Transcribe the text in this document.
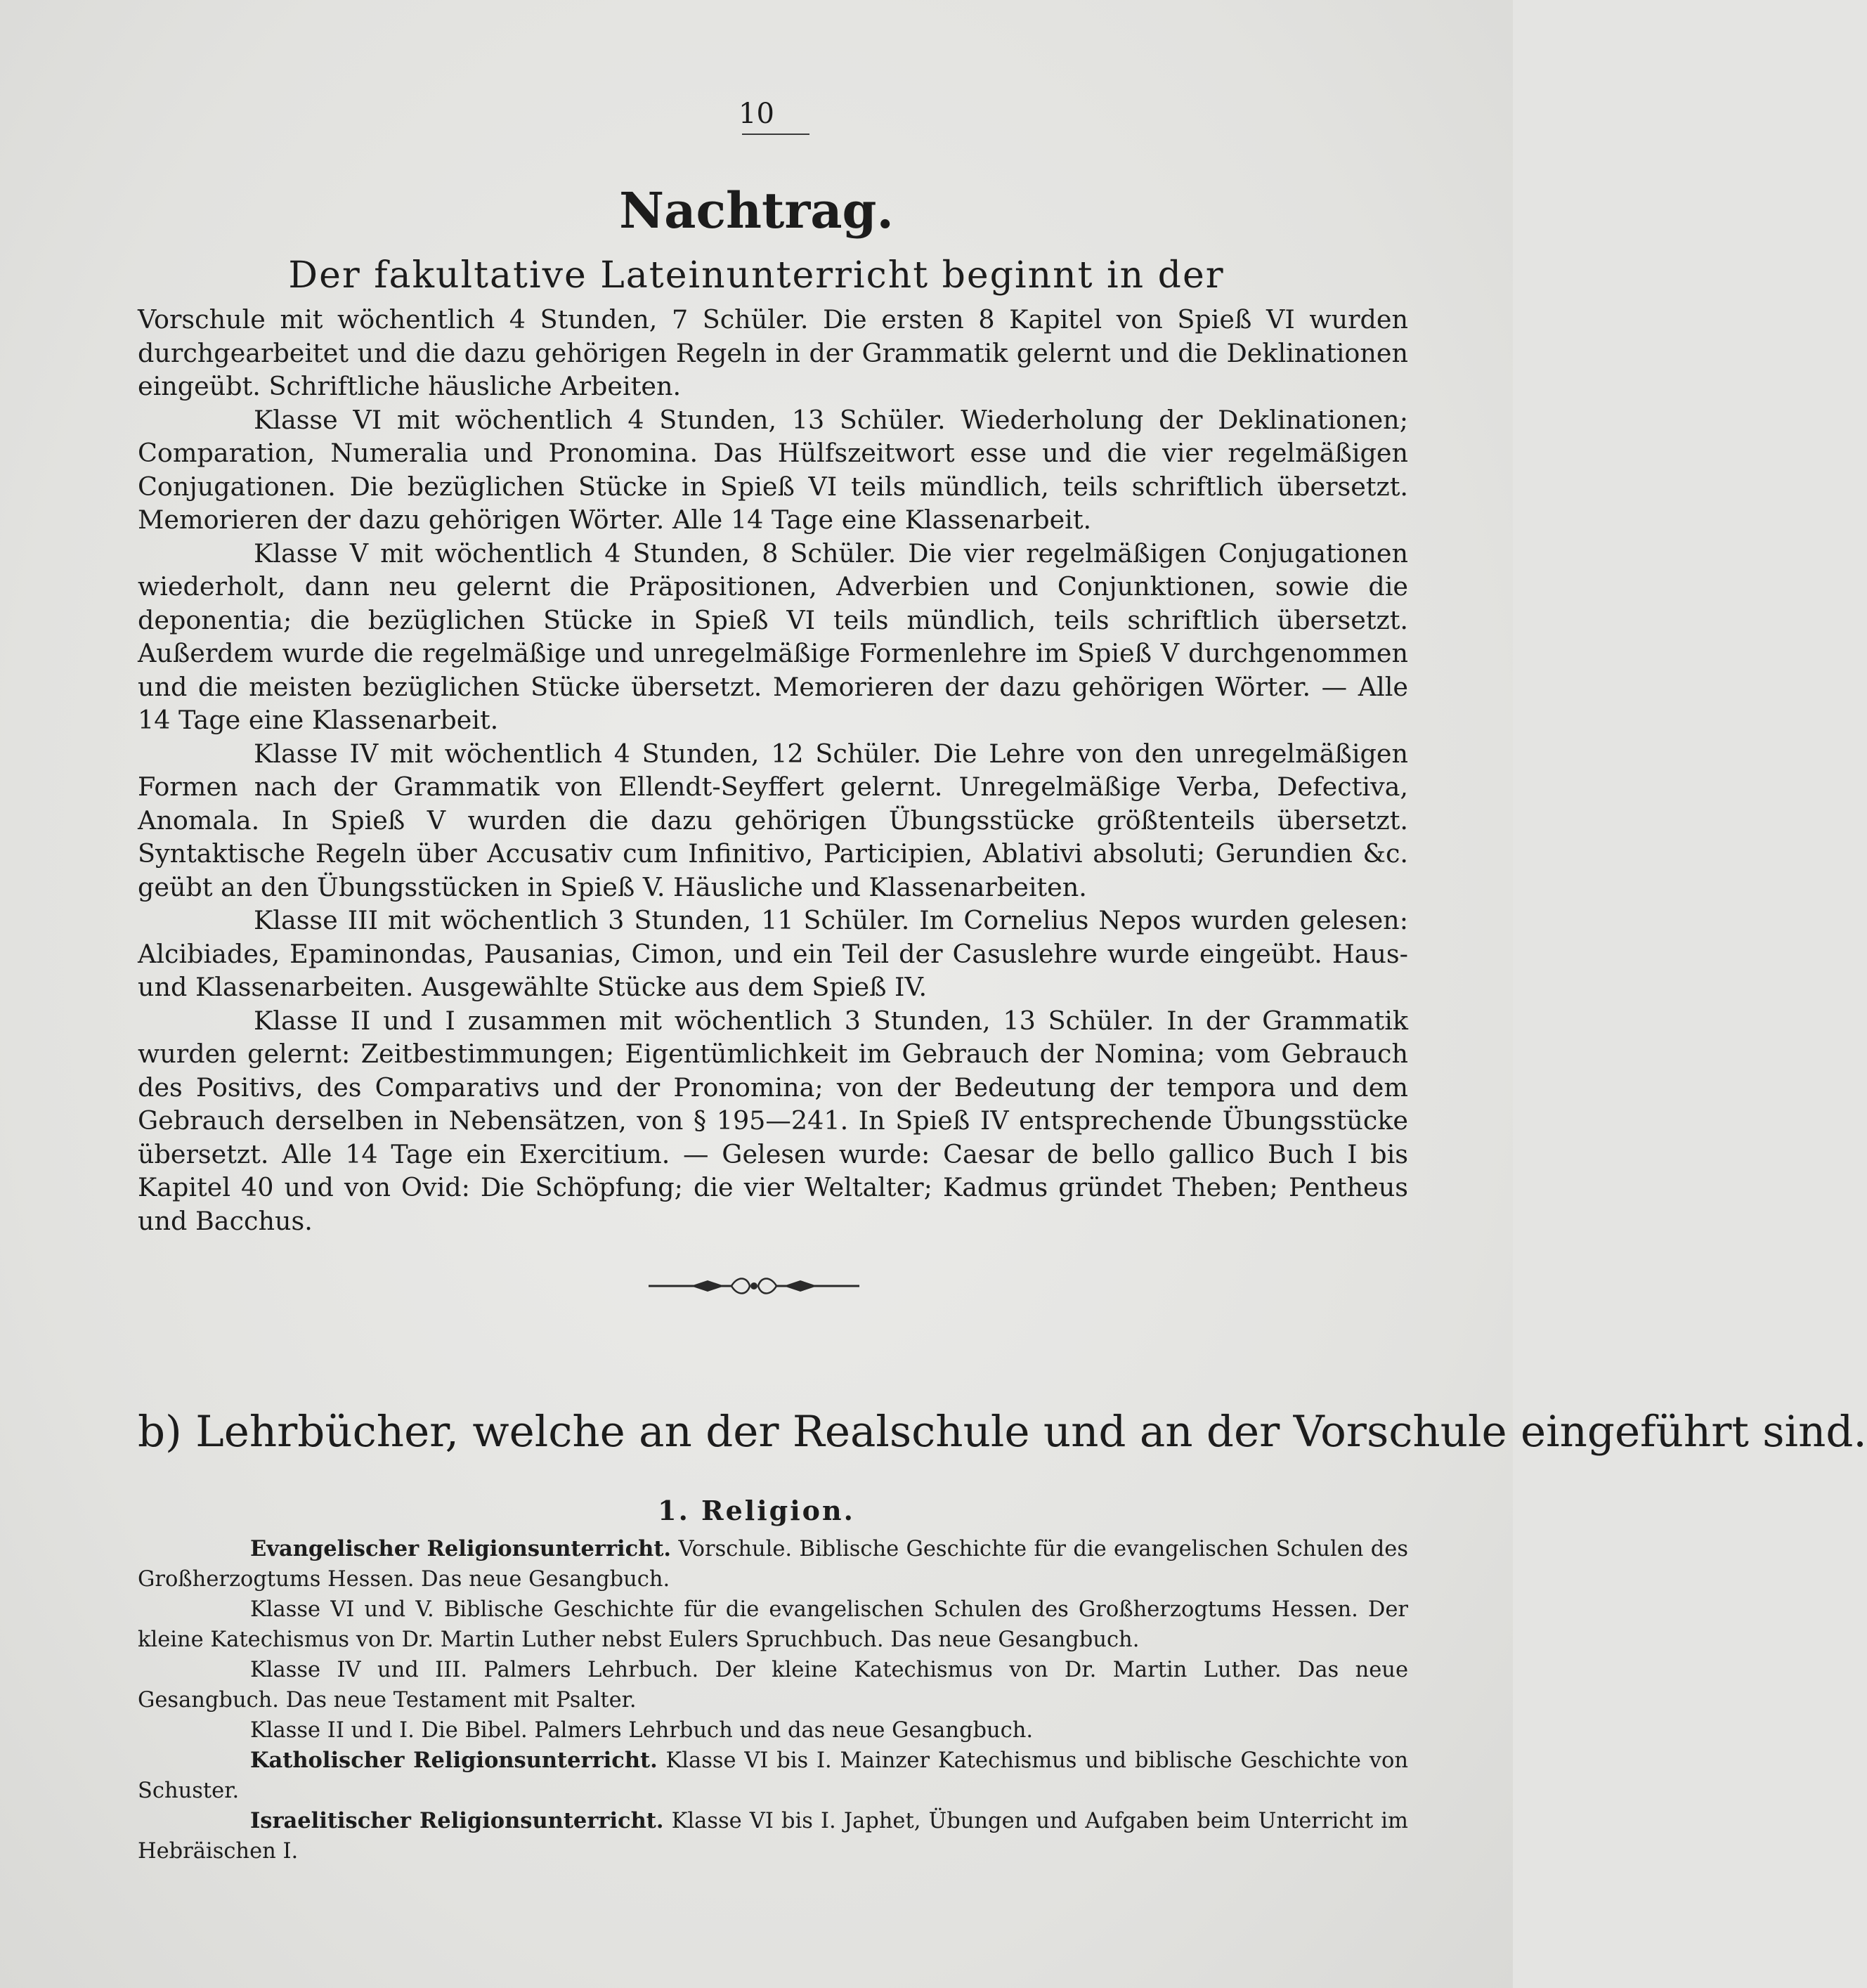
10
Nachtrag.
Der fakultative Lateinunterricht beginnt in der

Vorschule mit wöchentlich 4 Stunden, 7 Schüler. Die ersten 8 Kapitel von Spieß VI wurden durchgearbeitet und die dazu gehörigen Regeln in der Grammatik gelernt und die Deklinationen eingeübt. Schriftliche häusliche Arbeiten.

Klasse VI mit wöchentlich 4 Stunden, 13 Schüler. Wiederholung der Deklinationen; Comparation, Numeralia und Pronomina. Das Hülfszeitwort esse und die vier regelmäßigen Conjugationen. Die bezüglichen Stücke in Spieß VI teils mündlich, teils schriftlich übersetzt. Memorieren der dazu gehörigen Wörter. Alle 14 Tage eine Klassenarbeit.

Klasse V mit wöchentlich 4 Stunden, 8 Schüler. Die vier regelmäßigen Conjugationen wiederholt, dann neu gelernt die Präpositionen, Adverbien und Conjunktionen, sowie die deponentia; die bezüglichen Stücke in Spieß VI teils mündlich, teils schriftlich übersetzt. Außerdem wurde die regelmäßige und unregelmäßige Formenlehre im Spieß V durchgenommen und die meisten bezüglichen Stücke übersetzt. Memorieren der dazu gehörigen Wörter. — Alle 14 Tage eine Klassenarbeit.

Klasse IV mit wöchentlich 4 Stunden, 12 Schüler. Die Lehre von den unregelmäßigen Formen nach der Grammatik von Ellendt-Seyffert gelernt. Unregelmäßige Verba, Defectiva, Anomala. In Spieß V wurden die dazu gehörigen Übungsstücke größtenteils übersetzt. Syntaktische Regeln über Accusativ cum Infinitivo, Participien, Ablativi absoluti; Gerundien &c. geübt an den Übungsstücken in Spieß V. Häusliche und Klassenarbeiten.

Klasse III mit wöchentlich 3 Stunden, 11 Schüler. Im Cornelius Nepos wurden gelesen: Alcibiades, Epaminondas, Pausanias, Cimon, und ein Teil der Casuslehre wurde eingeübt. Haus- und Klassenarbeiten. Ausgewählte Stücke aus dem Spieß IV.

Klasse II und I zusammen mit wöchentlich 3 Stunden, 13 Schüler. In der Grammatik wurden gelernt: Zeitbestimmungen; Eigentümlichkeit im Gebrauch der Nomina; vom Gebrauch des Positivs, des Comparativs und der Pronomina; von der Bedeutung der tempora und dem Gebrauch derselben in Nebensätzen, von § 195—241. In Spieß IV entsprechende Übungsstücke übersetzt. Alle 14 Tage ein Exercitium. — Gelesen wurde: Caesar de bello gallico Buch I bis Kapitel 40 und von Ovid: Die Schöpfung; die vier Weltalter; Kadmus gründet Theben; Pentheus und Bacchus.

b) Lehrbücher, welche an der Realschule und an der Vorschule eingeführt sind.
1. Religion.

Evangelischer Religionsunterricht. Vorschule. Biblische Geschichte für die evangelischen Schulen des Großherzogtums Hessen. Das neue Gesangbuch.

Klasse VI und V. Biblische Geschichte für die evangelischen Schulen des Großherzogtums Hessen. Der kleine Katechismus von Dr. Martin Luther nebst Eulers Spruchbuch. Das neue Gesangbuch.

Klasse IV und III. Palmers Lehrbuch. Der kleine Katechismus von Dr. Martin Luther. Das neue Gesangbuch. Das neue Testament mit Psalter.

Klasse II und I. Die Bibel. Palmers Lehrbuch und das neue Gesangbuch.

Katholischer Religionsunterricht. Klasse VI bis I. Mainzer Katechismus und biblische Geschichte von Schuster.

Israelitischer Religionsunterricht. Klasse VI bis I. Japhet, Übungen und Aufgaben beim Unterricht im Hebräischen I.
